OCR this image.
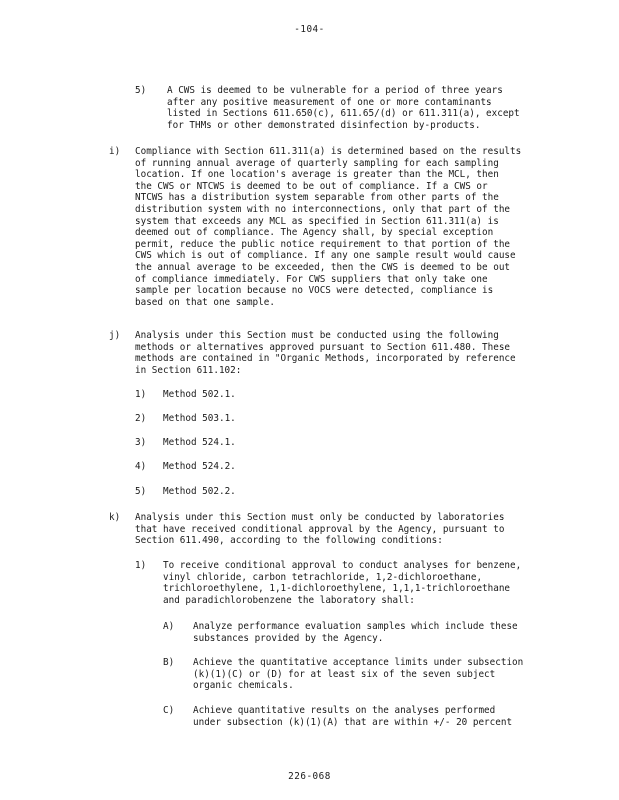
-104-
5) A CWS is deemed to be vulnerable for a period of three years
after any positive measurement of one or more contaminants
listed in Sections 611.650(c), 611.65/(d) or 611.311(a), except
for THMs or other demonstrated disinfection by-products.
i) Compliance with Section 611.311(a) is determined based on the results
of running annual average of quarterly sampling for each sampling
location. If one location's average is greater than the MCL, then
the CWS or NTCWS is deemed to be out of compliance. If a CWS or
NTCWS has a distribution system separable from other parts of the
distribution system with no interconnections, only that part of the
system that exceeds any MCL as specified in Section 611.311(a) is
deemed out of compliance. The Agency shall, by special exception
permit, reduce the public notice requirement to that portion of the
CWS which is out of compliance. If any one sample result would cause
the annual average to be exceeded, then the CWS is deemed to be out
of compliance immediately. For CWS suppliers that only take one
sample per location because no VOCS were detected, compliance is
based on that one sample.
j) Analysis under this Section must be conducted using the following
methods or alternatives approved pursuant to Section 611.480. These
methods are contained in "Organic Methods, incorporated by reference
in Section 611.102:
1) Method 502.1.
2) Method 503.1.
3) Method 524.1.
4) Method 524.2.
5) Method 502.2.
k) Analysis under this Section must only be conducted by laboratories
that have received conditional approval by the Agency, pursuant to
Section 611.490, according to the following conditions:
1) To receive conditional approval to conduct analyses for benzene,
vinyl chloride, carbon tetrachloride, 1,2-dichloroethane,
trichloroethylene, 1,1-dichloroethylene, 1,1,1-trichloroethane
and paradichlorobenzene the laboratory shall:
A) Analyze performance evaluation samples which include these
substances provided by the Agency.
B) Achieve the quantitative acceptance limits under subsection
(k)(1)(C) or (D) for at least six of the seven subject
organic chemicals.
C) Achieve quantitative results on the analyses performed
under subsection (k)(1)(A) that are within +/- 20 percent
226-068
